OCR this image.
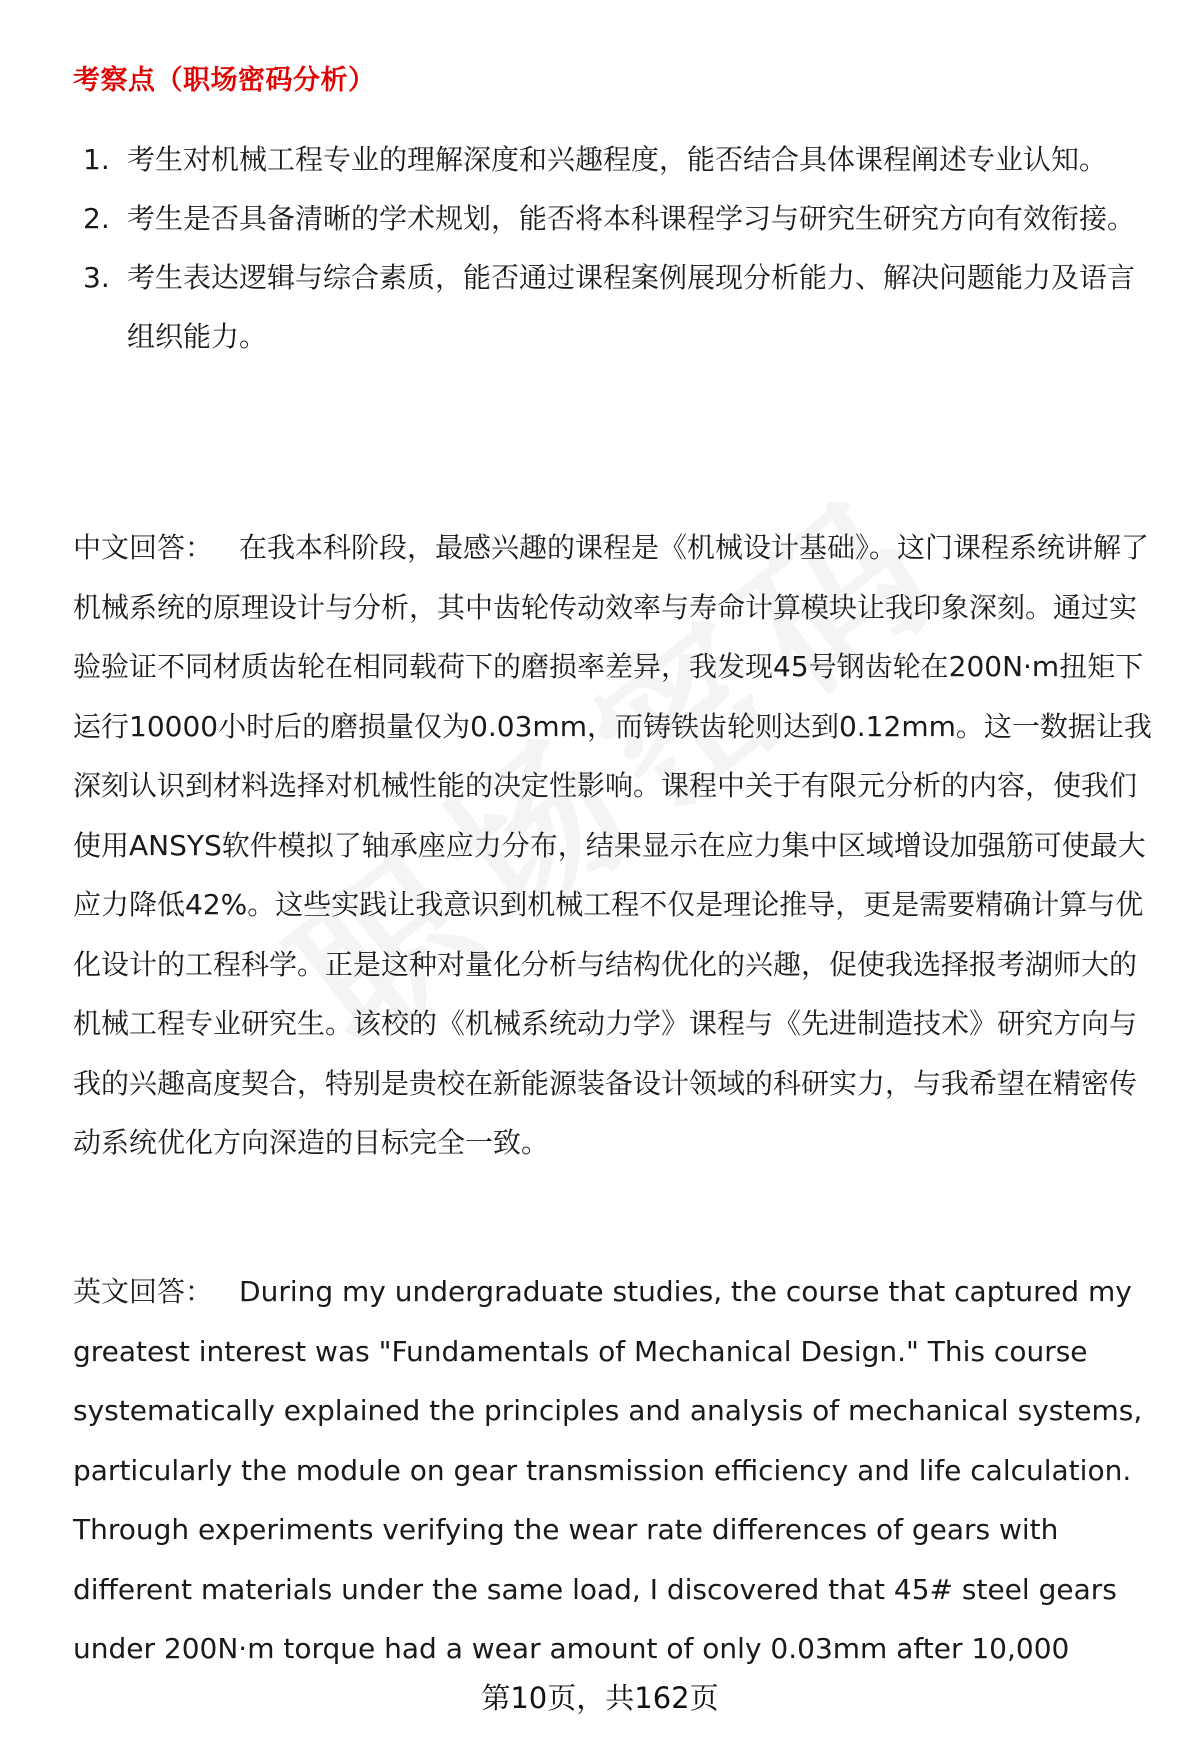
考察点（职场密码分析）
1. 考生对机械工程专业的理解深度和兴趣程度，能否结合具体课程阐述专业认知。
2. 考生是否具备清晰的学术规划，能否将本科课程学习与研究生研究方向有效衔接。
3. 考生表达逻辑与综合素质，能否通过课程案例展现分析能力、解决问题能力及语言组织能力。
中文回答： 在我本科阶段，最感兴趣的课程是《机械设计基础》。这门课程系统讲解了机械系统的原理设计与分析，其中齿轮传动效率与寿命计算模块让我印象深刻。通过实验验证不同材质齿轮在相同载荷下的磨损率差异，我发现45号钢齿轮在200N·m扭矩下运行10000小时后的磨损量仅为0.03mm，而铸铁齿轮则达到0.12mm。这一数据让我深刻认识到材料选择对机械性能的决定性影响。课程中关于有限元分析的内容，使我们使用ANSYS软件模拟了轴承座应力分布，结果显示在应力集中区域增设加强筋可使最大应力降低42%。这些实践让我意识到机械工程不仅是理论推导，更是需要精确计算与优化设计的工程科学。正是这种对量化分析与结构优化的兴趣，促使我选择报考湖师大的机械工程专业研究生。该校的《机械系统动力学》课程与《先进制造技术》研究方向与我的兴趣高度契合，特别是贵校在新能源装备设计领域的科研实力，与我希望在精密传动系统优化方向深造的目标完全一致。
英文回答： During my undergraduate studies, the course that captured my greatest interest was "Fundamentals of Mechanical Design." This course systematically explained the principles and analysis of mechanical systems, particularly the module on gear transmission efficiency and life calculation. Through experiments verifying the wear rate differences of gears with different materials under the same load, I discovered that 45# steel gears under 200N·m torque had a wear amount of only 0.03mm after 10,000
第10页，共162页
